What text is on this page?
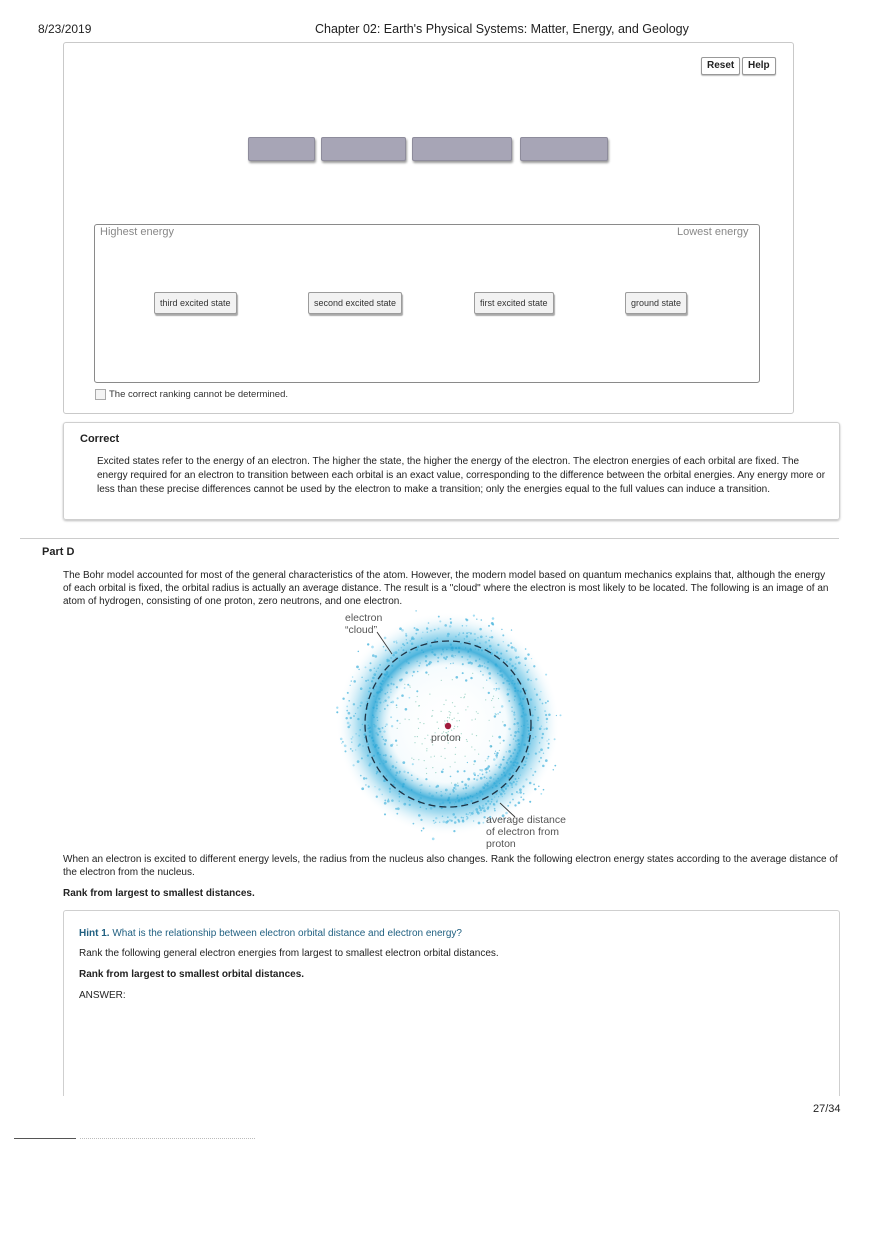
8/23/2019	Chapter 02: Earth's Physical Systems: Matter, Energy, and Geology
Reset	Help
Highest energy	Lowest energy
third excited state	second excited state	first excited state	ground state
The correct ranking cannot be determined.
Correct
Excited states refer to the energy of an electron. The higher the state, the higher the energy of the electron. The electron energies of each orbital are fixed. The energy required for an electron to transition between each orbital is an exact value, corresponding to the difference between the orbital energies. Any energy more or less than these precise differences cannot be used by the electron to make a transition; only the energies equal to the full values can induce a transition.
Part D
The Bohr model accounted for most of the general characteristics of the atom. However, the modern model based on quantum mechanics explains that, although the energy of each orbital is fixed, the orbital radius is actually an average distance. The result is a "cloud" where the electron is most likely to be located. The following is an image of an atom of hydrogen, consisting of one proton, zero neutrons, and one electron.
electron
“cloud”
proton
average distance
of electron from
proton
When an electron is excited to different energy levels, the radius from the nucleus also changes. Rank the following electron energy states according to the average distance of the electron from the nucleus.
Rank from largest to smallest distances.
Hint 1. What is the relationship between electron orbital distance and electron energy?
Rank the following general electron energies from largest to smallest electron orbital distances.
Rank from largest to smallest orbital distances.
ANSWER:
27/34
